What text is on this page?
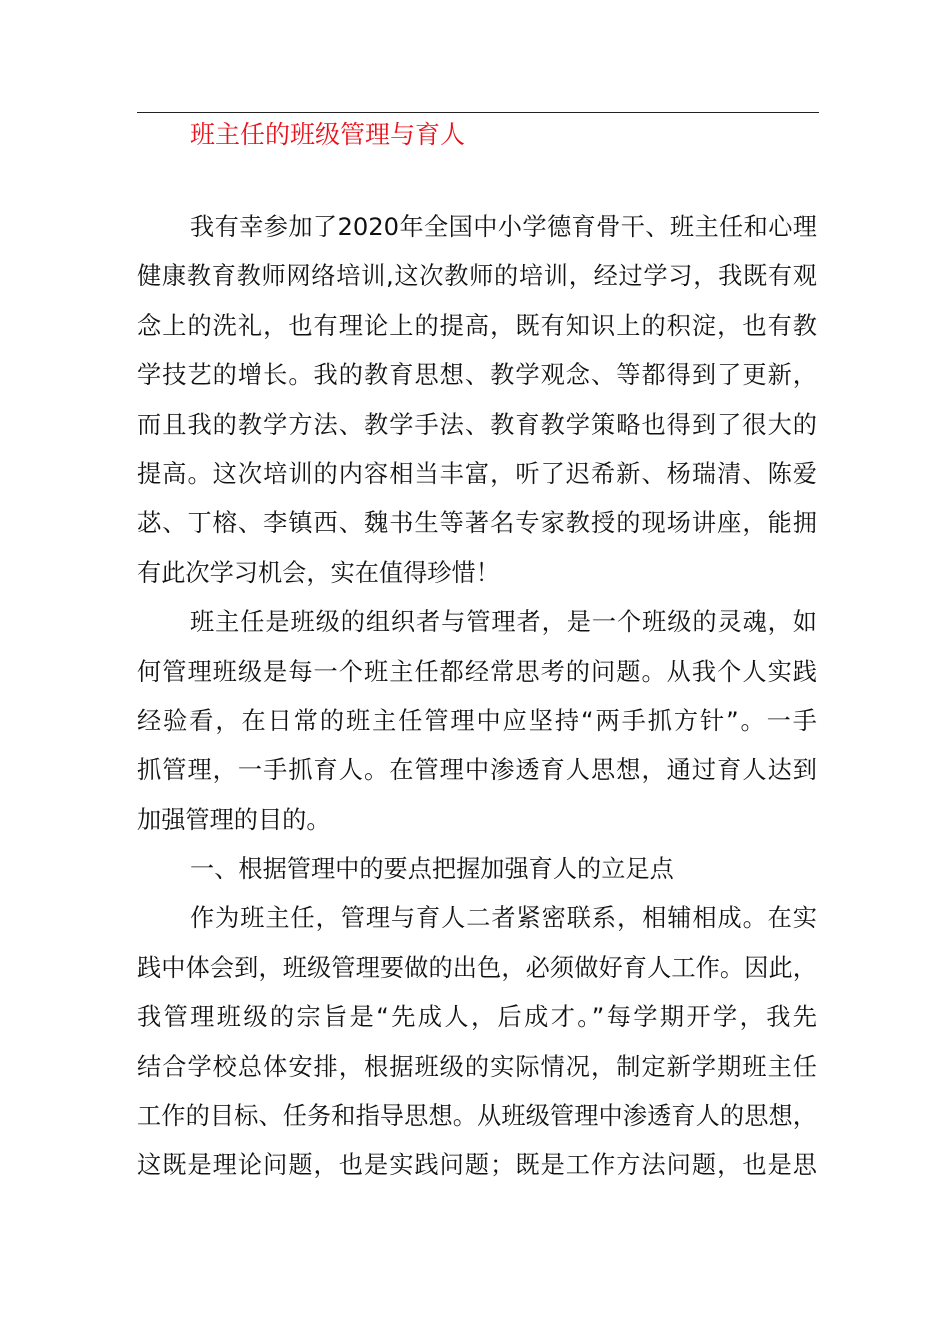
班主任的班级管理与育人
我有幸参加了2020年全国中小学德育骨干、班主任和心理
健康教育教师网络培训,这次教师的培训，经过学习，我既有观
念上的洗礼，也有理论上的提高，既有知识上的积淀，也有教
学技艺的增长。我的教育思想、教学观念、等都得到了更新，
而且我的教学方法、教学手法、教育教学策略也得到了很大的
提高。这次培训的内容相当丰富，听了迟希新、杨瑞清、陈爱
苾、丁榕、李镇西、魏书生等著名专家教授的现场讲座，能拥
有此次学习机会，实在值得珍惜！
班主任是班级的组织者与管理者，是一个班级的灵魂，如
何管理班级是每一个班主任都经常思考的问题。从我个人实践
经验看，在日常的班主任管理中应坚持“两手抓方针”。一手
抓管理，一手抓育人。在管理中渗透育人思想，通过育人达到
加强管理的目的。
一、根据管理中的要点把握加强育人的立足点
作为班主任，管理与育人二者紧密联系，相辅相成。在实
践中体会到，班级管理要做的出色，必须做好育人工作。因此，
我管理班级的宗旨是“先成人，后成才。”每学期开学，我先
结合学校总体安排，根据班级的实际情况，制定新学期班主任
工作的目标、任务和指导思想。从班级管理中渗透育人的思想，
这既是理论问题，也是实践问题；既是工作方法问题，也是思
